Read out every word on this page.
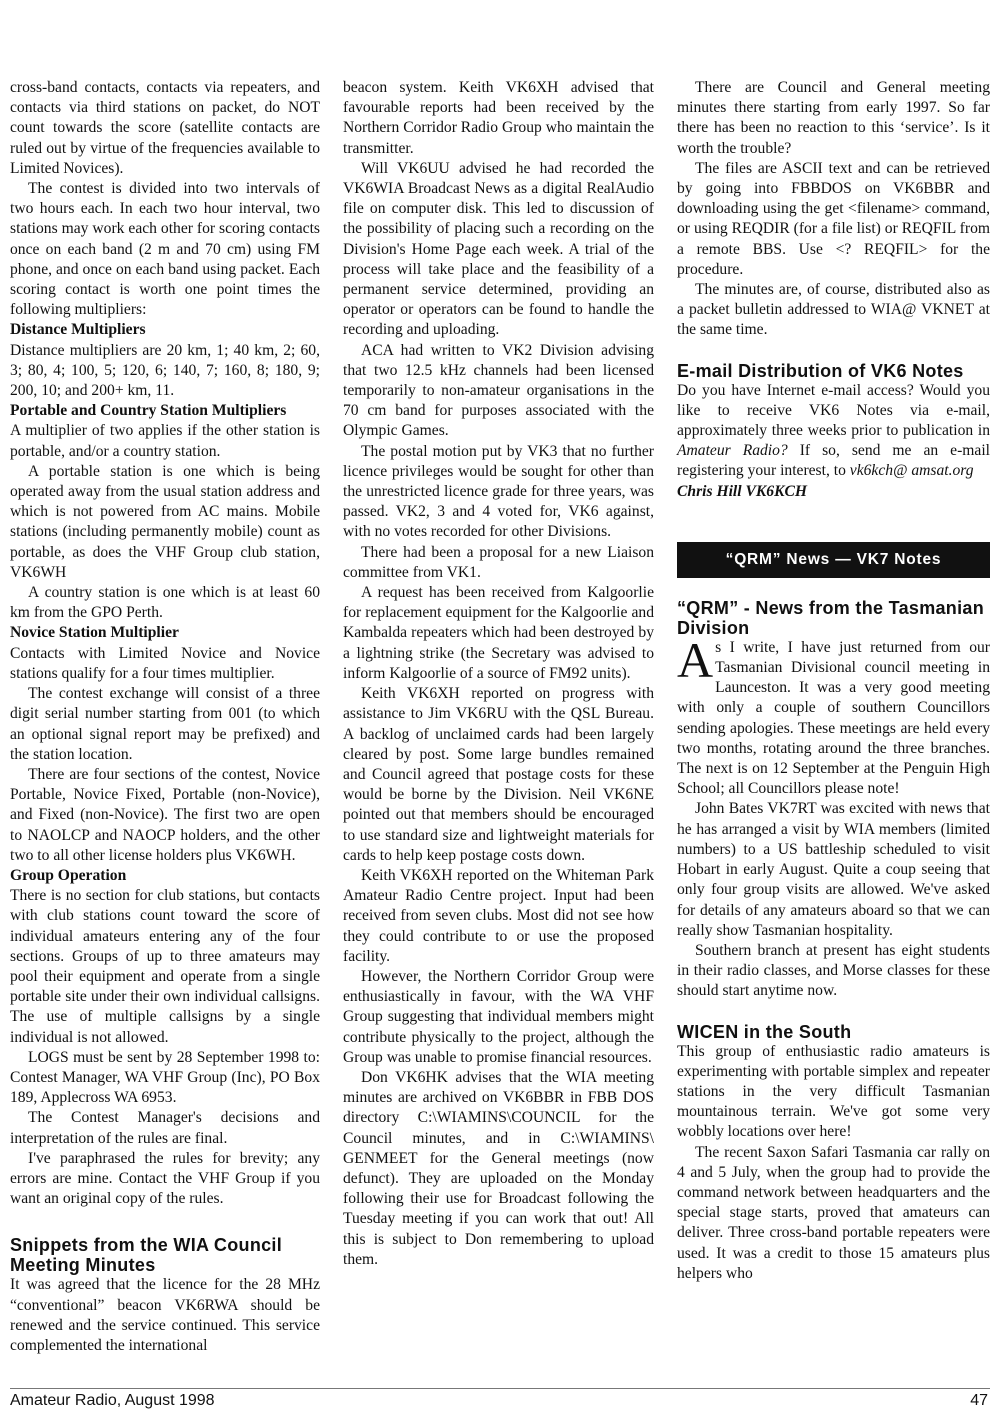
cross-band contacts, contacts via repeaters, and contacts via third stations on packet, do NOT count towards the score (satellite contacts are ruled out by virtue of the frequencies available to Limited Novices).

The contest is divided into two intervals of two hours each. In each two hour interval, two stations may work each other for scoring contacts once on each band (2 m and 70 cm) using FM phone, and once on each band using packet. Each scoring contact is worth one point times the following multipliers:

Distance Multipliers

Distance multipliers are 20 km, 1; 40 km, 2; 60, 3; 80, 4; 100, 5; 120, 6; 140, 7; 160, 8; 180, 9; 200, 10; and 200+ km, 11.

Portable and Country Station Multipliers

A multiplier of two applies if the other station is portable, and/or a country station.

A portable station is one which is being operated away from the usual station address and which is not powered from AC mains. Mobile stations (including permanently mobile) count as portable, as does the VHF Group club station, VK6WH

A country station is one which is at least 60 km from the GPO Perth.

Novice Station Multiplier

Contacts with Limited Novice and Novice stations qualify for a four times multiplier.

The contest exchange will consist of a three digit serial number starting from 001 (to which an optional signal report may be prefixed) and the station location.

There are four sections of the contest, Novice Portable, Novice Fixed, Portable (non-Novice), and Fixed (non-Novice). The first two are open to NAOLCP and NAOCP holders, and the other two to all other license holders plus VK6WH.

Group Operation

There is no section for club stations, but contacts with club stations count toward the score of individual amateurs entering any of the four sections. Groups of up to three amateurs may pool their equipment and operate from a single portable site under their own individual callsigns. The use of multiple callsigns by a single individual is not allowed.

LOGS must be sent by 28 September 1998 to: Contest Manager, WA VHF Group (Inc), PO Box 189, Applecross WA 6953.

The Contest Manager's decisions and interpretation of the rules are final.

I've paraphrased the rules for brevity; any errors are mine. Contact the VHF Group if you want an original copy of the rules.

Snippets from the WIA Council Meeting Minutes

It was agreed that the licence for the 28 MHz “conventional” beacon VK6RWA should be renewed and the service continued. This service complemented the international

beacon system. Keith VK6XH advised that favourable reports had been received by the Northern Corridor Radio Group who maintain the transmitter.

Will VK6UU advised he had recorded the VK6WIA Broadcast News as a digital RealAudio file on computer disk. This led to discussion of the possibility of placing such a recording on the Division's Home Page each week. A trial of the process will take place and the feasibility of a permanent service determined, providing an operator or operators can be found to handle the recording and uploading.

ACA had written to VK2 Division advising that two 12.5 kHz channels had been licensed temporarily to non-amateur organisations in the 70 cm band for purposes associated with the Olympic Games.

The postal motion put by VK3 that no further licence privileges would be sought for other than the unrestricted licence grade for three years, was passed. VK2, 3 and 4 voted for, VK6 against, with no votes recorded for other Divisions.

There had been a proposal for a new Liaison committee from VK1.

A request has been received from Kalgoorlie for replacement equipment for the Kalgoorlie and Kambalda repeaters which had been destroyed by a lightning strike (the Secretary was advised to inform Kalgoorlie of a source of FM92 units).

Keith VK6XH reported on progress with assistance to Jim VK6RU with the QSL Bureau. A backlog of unclaimed cards had been largely cleared by post. Some large bundles remained and Council agreed that postage costs for these would be borne by the Division. Neil VK6NE pointed out that members should be encouraged to use standard size and lightweight materials for cards to help keep postage costs down.

Keith VK6XH reported on the Whiteman Park Amateur Radio Centre project. Input had been received from seven clubs. Most did not see how they could contribute to or use the proposed facility.

However, the Northern Corridor Group were enthusiastically in favour, with the WA VHF Group suggesting that individual members might contribute physically to the project, although the Group was unable to promise financial resources.

Don VK6HK advises that the WIA meeting minutes are archived on VK6BBR in FBB DOS directory C:\WIAMINS\COUNCIL for the Council minutes, and in C:\WIAMINS\ GENMEET for the General meetings (now defunct). They are uploaded on the Monday following their use for Broadcast following the Tuesday meeting if you can work that out! All this is subject to Don remembering to upload them.

There are Council and General meeting minutes there starting from early 1997. So far there has been no reaction to this ‘service’. Is it worth the trouble?

The files are ASCII text and can be retrieved by going into FBBDOS on VK6BBR and downloading using the get <filename> command, or using REQDIR (for a file list) or REQFIL from a remote BBS. Use <? REQFIL> for the procedure.

The minutes are, of course, distributed also as a packet bulletin addressed to WIA@ VKNET at the same time.

E-mail Distribution of VK6 Notes

Do you have Internet e-mail access? Would you like to receive VK6 Notes via e-mail, approximately three weeks prior to publication in Amateur Radio? If so, send me an e-mail registering your interest, to vk6kch@ amsat.org

Chris Hill VK6KCH

“QRM” News — VK7 Notes

“QRM” - News from the Tasmanian Division

As I write, I have just returned from our Tasmanian Divisional council meeting in Launceston. It was a very good meeting with only a couple of southern Councillors sending apologies. These meetings are held every two months, rotating around the three branches. The next is on 12 September at the Penguin High School; all Councillors please note!

John Bates VK7RT was excited with news that he has arranged a visit by WIA members (limited numbers) to a US battleship scheduled to visit Hobart in early August. Quite a coup seeing that only four group visits are allowed. We've asked for details of any amateurs aboard so that we can really show Tasmanian hospitality.

Southern branch at present has eight students in their radio classes, and Morse classes for these should start anytime now.

WICEN in the South

This group of enthusiastic radio amateurs is experimenting with portable simplex and repeater stations in the very difficult Tasmanian mountainous terrain. We've got some very wobbly locations over here!

The recent Saxon Safari Tasmania car rally on 4 and 5 July, when the group had to provide the command network between headquarters and the special stage starts, proved that amateurs can deliver. Three cross-band portable repeaters were used. It was a credit to those 15 amateurs plus helpers who

Amateur Radio, August 1998	47
